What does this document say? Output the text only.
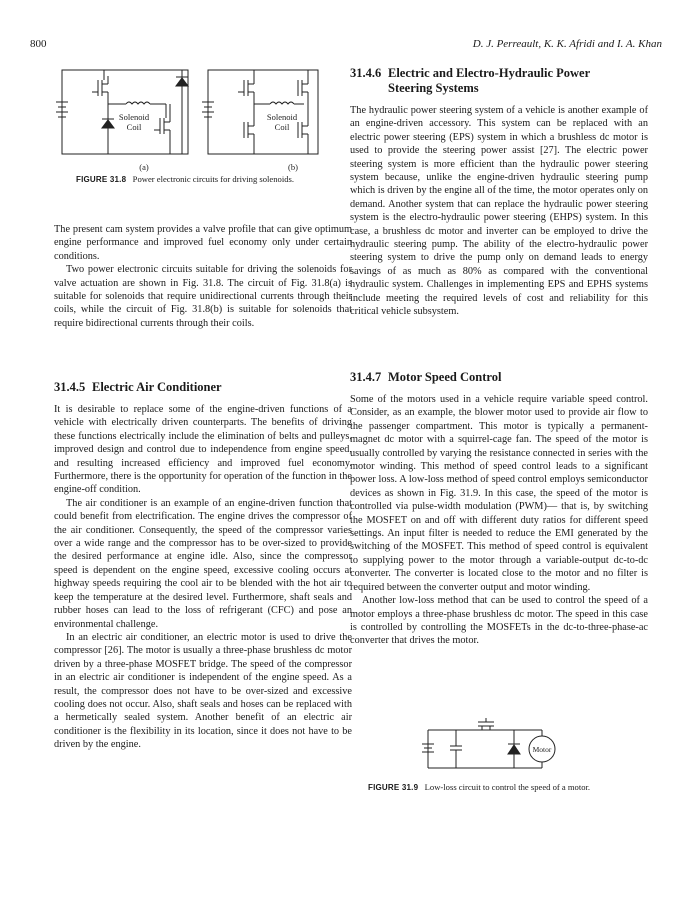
800	D. J. Perreault, K. K. Afridi and I. A. Khan
Solenoid
Coil
Solenoid
Coil
(a)	(b)
FIGURE 31.8 Power electronic circuits for driving solenoids.

The present cam system provides a valve profile that can give optimum engine performance and improved fuel economy only under certain conditions.

Two power electronic circuits suitable for driving the solenoids for valve actuation are shown in Fig. 31.8. The circuit of Fig. 31.8(a) is suitable for solenoids that require unidirectional currents through their coils, while the circuit of Fig. 31.8(b) is suitable for solenoids that require bidirectional currents through their coils.

31.4.5 Electric Air Conditioner

It is desirable to replace some of the engine-driven functions of a vehicle with electrically driven counterparts. The benefits of driving these functions electrically include the elimination of belts and pulleys, improved design and control due to independence from engine speed, and resulting increased efficiency and improved fuel economy. Furthermore, there is the opportunity for operation of the function in the engine-off condition.

The air conditioner is an example of an engine-driven function that could benefit from electrification. The engine drives the compressor of the air conditioner. Consequently, the speed of the compressor varies over a wide range and the compressor has to be over-sized to provide the desired performance at engine idle. Also, since the compressor speed is dependent on the engine speed, excessive cooling occurs at highway speeds requiring the cool air to be blended with the hot air to keep the temperature at the desired level. Furthermore, shaft seals and rubber hoses can lead to the loss of refrigerant (CFC) and pose an environmental challenge.

In an electric air conditioner, an electric motor is used to drive the compressor [26]. The motor is usually a three-phase brushless dc motor driven by a three-phase MOSFET bridge. The speed of the compressor in an electric air conditioner is independent of the engine speed. As a result, the compressor does not have to be over-sized and excessive cooling does not occur. Also, shaft seals and hoses can be replaced with a hermetically sealed system. Another benefit of an electric air conditioner is the flexibility in its location, since it does not have to be driven by the engine.

31.4.6 Electric and Electro-Hydraulic Power
Steering Systems

The hydraulic power steering system of a vehicle is another example of an engine-driven accessory. This system can be replaced with an electric power steering (EPS) system in which a brushless dc motor is used to provide the steering power assist [27]. The electric power steering system is more efficient than the hydraulic power steering system because, unlike the engine-driven hydraulic steering pump which is driven by the engine all of the time, the motor operates only on demand. Another system that can replace the hydraulic power steering system is the electro-hydraulic power steering (EHPS) system. In this case, a brushless dc motor and inverter can be employed to drive the hydraulic steering pump. The ability of the electro-hydraulic power steering system to drive the pump only on demand leads to energy savings of as much as 80% as compared with the conventional hydraulic system. Challenges in implementing EPS and EPHS systems include meeting the required levels of cost and reliability for this critical vehicle subsystem.

31.4.7 Motor Speed Control

Some of the motors used in a vehicle require variable speed control. Consider, as an example, the blower motor used to provide air flow to the passenger compartment. This motor is typically a permanent-magnet dc motor with a squirrel-cage fan. The speed of the motor is usually controlled by varying the resistance connected in series with the motor winding. This method of speed control leads to a significant power loss. A low-loss method of speed control employs semiconductor devices as shown in Fig. 31.9. In this case, the speed of the motor is controlled via pulse-width modulation (PWM)— that is, by switching the MOSFET on and off with different duty ratios for different speed settings. An input filter is needed to reduce the EMI generated by the switching of the MOSFET. This method of speed control is equivalent to supplying power to the motor through a variable-output dc-to-dc converter. The converter is located close to the motor and no filter is required between the converter output and motor winding.

Another low-loss method that can be used to control the speed of a motor employs a three-phase brushless dc motor. The speed in this case is controlled by controlling the MOSFETs in the dc-to-three-phase-ac converter that drives the motor.

Motor
FIGURE 31.9 Low-loss circuit to control the speed of a motor.
